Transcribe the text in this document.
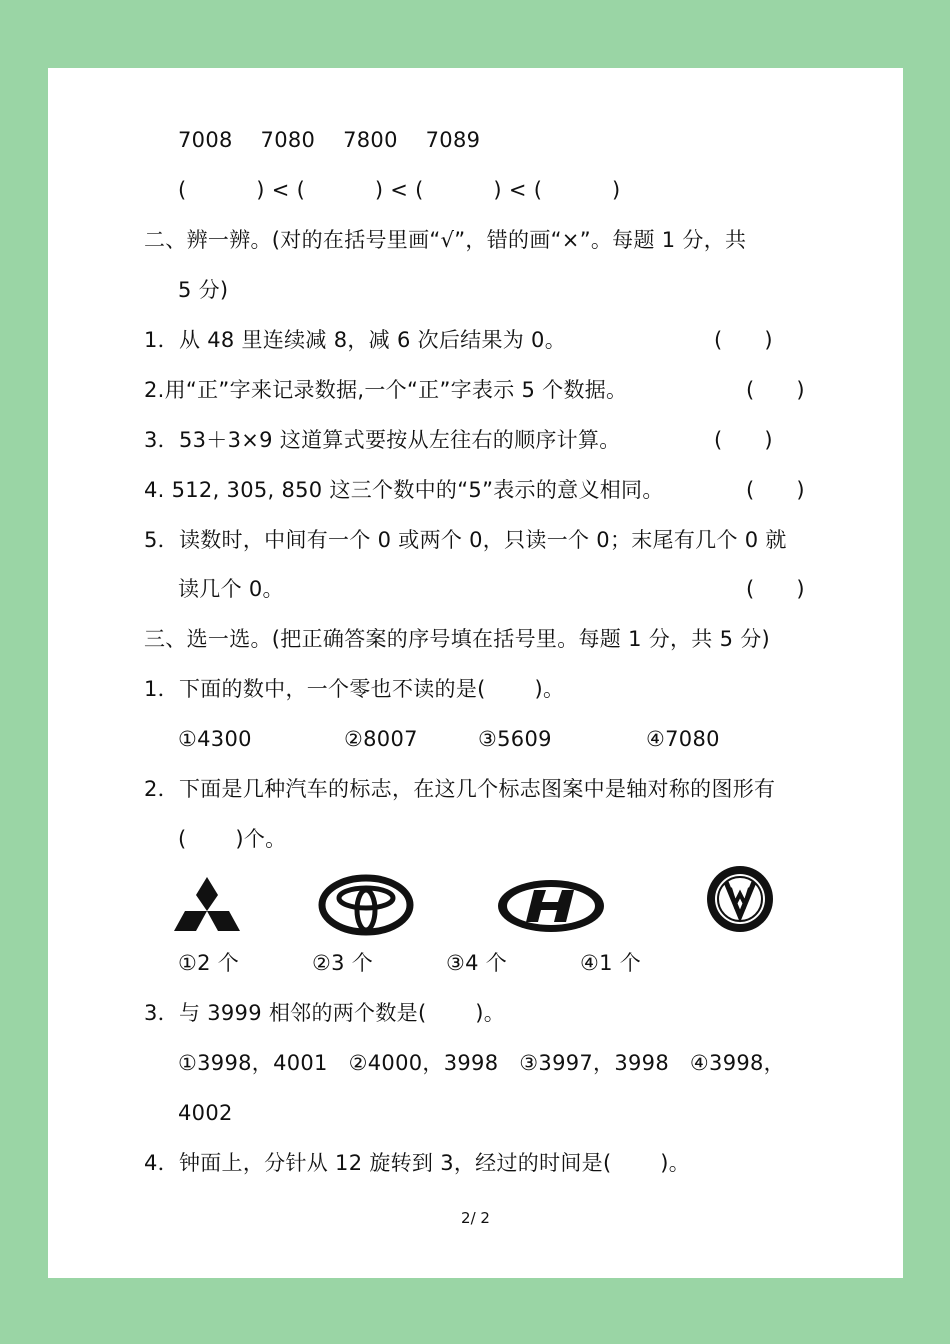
7008    7080    7800    7089
(          ) < (          ) < (          ) < (          )
二、辨一辨。(对的在括号里画“√”，错的画“×”。每题 1 分，共
5 分)
1．从 48 里连续减 8，减 6 次后结果为 0。	(      )
2.用“正”字来记录数据,一个“正”字表示 5 个数据。	(      )
3．53＋3×9 这道算式要按从左往右的顺序计算。	(      )
4. 512, 305, 850 这三个数中的“5”表示的意义相同。	(      )
5．读数时，中间有一个 0 或两个 0，只读一个 0；末尾有几个 0 就
读几个 0。	(      )
三、选一选。(把正确答案的序号填在括号里。每题 1 分，共 5 分)
1．下面的数中，一个零也不读的是(       )。
①4300	②8007	③5609	④7080
2．下面是几种汽车的标志，在这几个标志图案中是轴对称的图形有
(       )个。
①2 个	②3 个	③4 个	④1 个
3．与 3999 相邻的两个数是(       )。
①3998，4001   ②4000，3998   ③3997，3998   ④3998，
4002
4．钟面上，分针从 12 旋转到 3，经过的时间是(       )。
2/ 2
